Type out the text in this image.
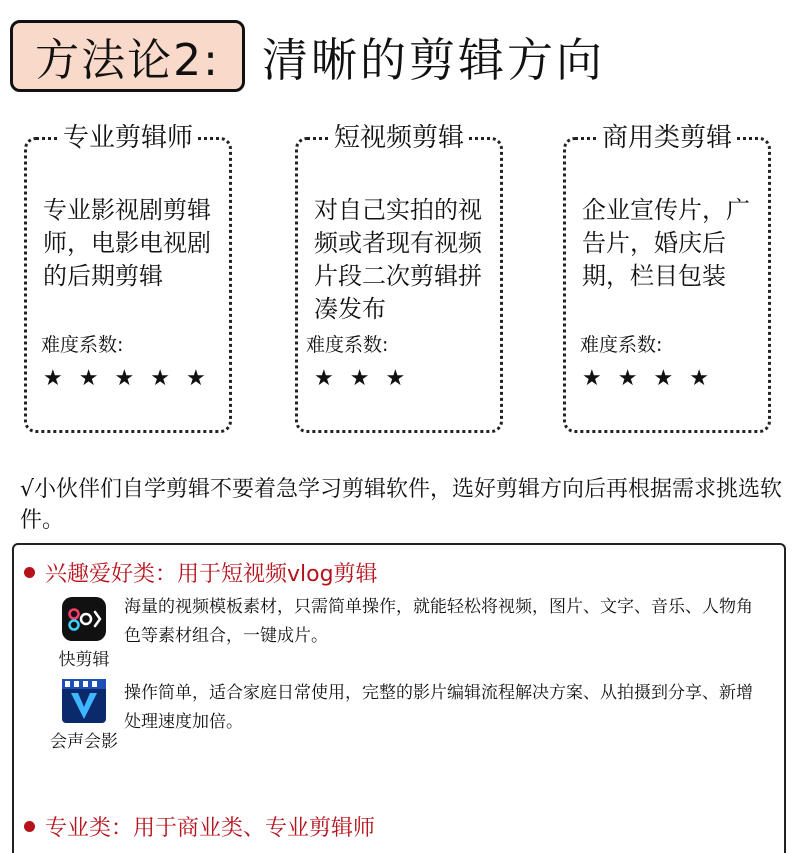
方法论2: 清晰的剪辑方向
专业剪辑师
专业影视剧剪辑师，电影电视剧的后期剪辑
难度系数:
★ ★ ★ ★ ★
短视频剪辑
对自己实拍的视频或者现有视频片段二次剪辑拼凑发布
难度系数:
★ ★ ★
商用类剪辑
企业宣传片，广告片，婚庆后期，栏目包装
难度系数:
★ ★ ★ ★
√小伙伴们自学剪辑不要着急学习剪辑软件，选好剪辑方向后再根据需求挑选软件。
兴趣爱好类：用于短视频vlog剪辑
快剪辑
海量的视频模板素材，只需简单操作，就能轻松将视频，图片、文字、音乐、人物角色等素材组合，一键成片。
会声会影
操作简单，适合家庭日常使用，完整的影片编辑流程解决方案、从拍摄到分享、新增处理速度加倍。
专业类：用于商业类、专业剪辑师
